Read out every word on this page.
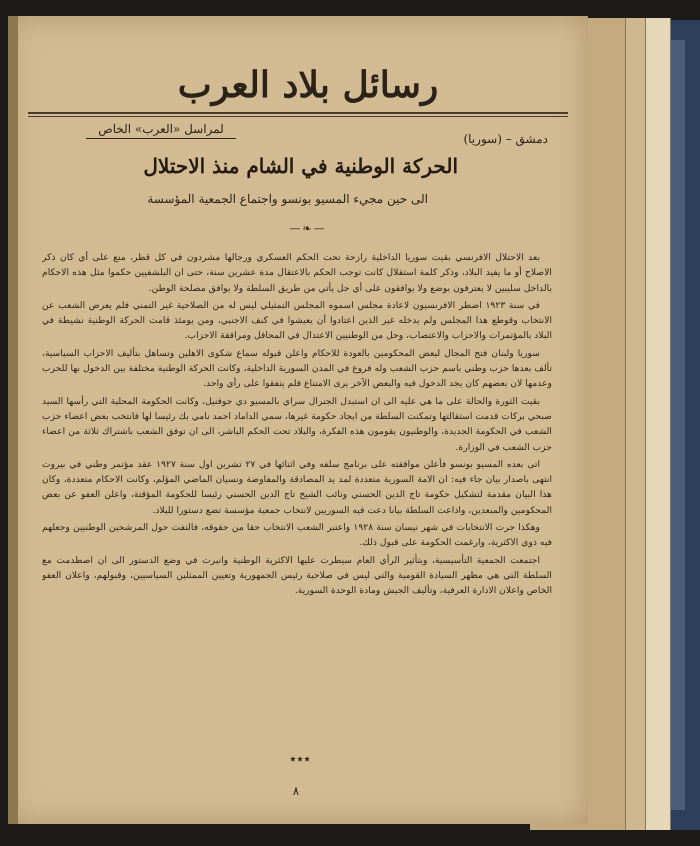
رسائل بلاد العرب
لمراسل «العرب» الخاص
دمشق – (سوريا)
الحركة الوطنية في الشام منذ الاحتلال
الى حين مجيء المسيو بونسو واجتماع الجمعية المؤسسة
—❧—

بعد الاحتلال الافرنسي بقيت سوريا الداخلية رازحة تحت الحكم العسكري ورجالها مشردون في كل قطر، منع على أي كان ذكر الاصلاح أو ما يفيد البلاد، وذكر كلمة استقلال كانت توجب الحكم بالاعتقال مدة عشرين سنة، حتى ان البلشفيين حكموا مثل هذه الاحكام بالداخل سليبين لا يعترفون بوضع ولا يوافقون على أي حل يأتي من طريق السلطة ولا يوافق مصلحة الوطن.

في سنة ١٩٢٣ اضطر الافرنسيون لاعادة مجلس اسموه المجلس التمثيلي ليس له من الصلاحية غير التمني فلم يعرض الشعب عن الانتخاب وقوطع هذا المجلس ولم يدخله غير الذين اعتادوا أن يعيشوا في كنف الاجنبي، ومن يومئذ قامت الحركة الوطنية نشيطة في البلاد بالمؤتمرات والاحزاب والاعتصاب، وحل من الوطنيين الاعتدال في المحافل ومرافقة الاحزاب.

سوريا ولبنان فتح المجال لبعض المحكومين بالعودة للاحكام واعلن قبوله سماع شكوى الاهلين وتساهل بتأليف الاحزاب السياسية، تألف بعدها حزب وطني باسم حزب الشعب وله فروع في المدن السورية الداخلية، وكانت الحركة الوطنية مختلفة بين الدخول بها للحرب وعدمها لان بعضهم كان يجد الدخول فيه والبعض الآخر يرى الامتناع فلم يتفقوا على رأي واحد.

بقيت الثورة والحالة على ما هي عليه الى ان استبدل الجنرال سراي بالمسيو دي جوفنيل، وكانت الحكومة المحلية التي رأسها السيد صبحي بركات قدمت استقالتها وتمكنت السلطة من ايجاد حكومة غيرها، سمي الداماد احمد نامي بك رئيسا لها فانتخب بعض اعضاء حزب الشعب في الحكومة الجديدة، والوطنيون يقومون هذه الفكرة، والبلاد تحت الحكم الباشر، الى ان توفق الشعب باشتراك ثلاثة من اعضاء حزب الشعب في الوزارة.

اتى بعده المسيو بونسو فأعلن موافقته على برنامج سلفه وفي اثنائها في ٢٧ تشرين اول سنة ١٩٢٧ عقد مؤتمر وطني في بيروت انتهى باصدار بيان جاء فيه: ان الامة السورية متعددة لمد يد المصادقة والمفاوضة ونسيان الماضي المؤلم، وكانت الاحكام متعددة، وكان هذا البيان مقدمة لتشكيل حكومة تاج الدين الحسني ونائب الشيخ تاج الدين الحسني رئيسا للحكومة المؤقتة، واعلن العفو عن بعض المحكومين والمبعدين، واذاعت السلطة بيانا دعت فيه السوريين لانتخاب جمعية مؤسسة تضع دستورا للبلاد.

وهكذا جرت الانتخابات في شهر نيسان سنة ١٩٢٨ واعتبر الشعب الانتخاب حقا من حقوقه، فالتفت حول المرشحين الوطنيين وجعلهم فيه ذوي الاكثرية، وارغمت الحكومة على قبول ذلك.

اجتمعت الجمعية التأسيسية، وبتأثير الرأي العام سيطرت عليها الاكثرية الوطنية وانبرت في وضع الدستور الى ان اصطدمت مع السلطة التي هي مظهر السيادة القومية والتي ليس في صلاحية رئيس الجمهورية وتعيين الممثلين السياسيين، وقبولهم، واعلان العفو الخاص واعلان الادارة العرفية، وتأليف الجيش ومادة الوحدة السورية.

٭٭٭
٨
